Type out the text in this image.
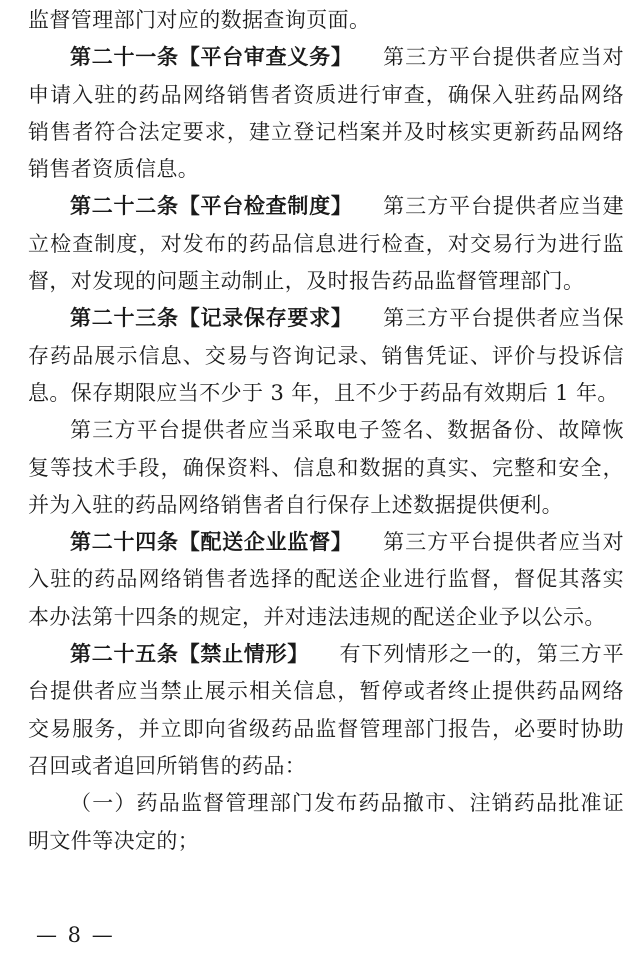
监督管理部门对应的数据查询页面。

第二十一条【平台审查义务】 第三方平台提供者应当对申请入驻的药品网络销售者资质进行审查，确保入驻药品网络销售者符合法定要求，建立登记档案并及时核实更新药品网络销售者资质信息。

第二十二条【平台检查制度】 第三方平台提供者应当建立检查制度，对发布的药品信息进行检查，对交易行为进行监督，对发现的问题主动制止，及时报告药品监督管理部门。

第二十三条【记录保存要求】 第三方平台提供者应当保存药品展示信息、交易与咨询记录、销售凭证、评价与投诉信息。保存期限应当不少于 3 年，且不少于药品有效期后 1 年。

第三方平台提供者应当采取电子签名、数据备份、故障恢复等技术手段，确保资料、信息和数据的真实、完整和安全，并为入驻的药品网络销售者自行保存上述数据提供便利。

第二十四条【配送企业监督】 第三方平台提供者应当对入驻的药品网络销售者选择的配送企业进行监督，督促其落实本办法第十四条的规定，并对违法违规的配送企业予以公示。

第二十五条【禁止情形】 有下列情形之一的，第三方平台提供者应当禁止展示相关信息，暂停或者终止提供药品网络交易服务，并立即向省级药品监督管理部门报告，必要时协助召回或者追回所销售的药品：

（一）药品监督管理部门发布药品撤市、注销药品批准证明文件等决定的；

— 8 —
